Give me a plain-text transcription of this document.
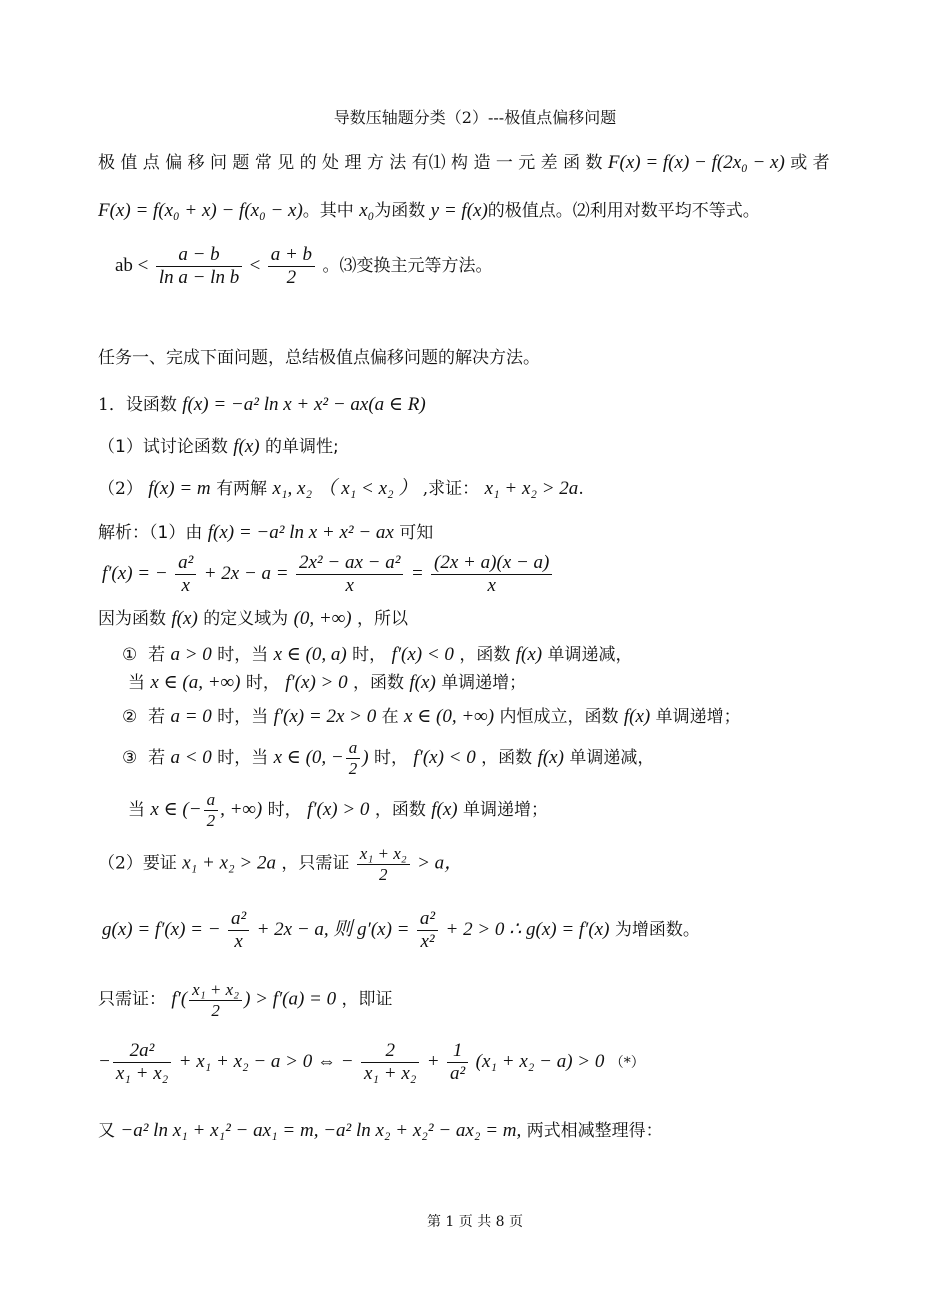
导数压轴题分类（2）---极值点偏移问题
极 值 点 偏 移 问 题 常 见 的 处 理 方 法 有⑴ 构 造 一 元 差 函 数 F(x) = f(x) − f(2x₀ − x) 或 者
F(x) = f(x₀ + x) − f(x₀ − x)。其中 x₀为函数 y = f(x)的极值点。⑵利用对数平均不等式。
ab < $\frac{a - b}{\text{ln a − ln b}} < \frac{a + b}{2}$ 。⑶变换主元等方法。
任务一、完成下面问题，总结极值点偏移问题的解决方法。
1．设函数 f(x) = −a² ln x + x² − ax(a ∈ R)
（1）试讨论函数 f(x) 的单调性;
（2） f(x) = m 有两解 x₁, x₂ （ x₁ < x₂ ） ,求证： x₁ + x₂ > 2a.
解析：（1）由 f(x) = −a² ln x + x² − ax 可知
f′(x) = − $\frac{\text{a²}}{x} + 2x - a = \frac{\text{2x² − ax − a²}}{x} = \frac{(2x + a)(x - a)}{x}$
因为函数 f(x) 的定义域为 (0, +∞) ，所以
① 若 a > 0 时，当 x ∈ (0, a) 时， f′(x) < 0 ，函数 f(x) 单调递减，
当 x ∈ (a, +∞) 时， f′(x) > 0 ，函数 f(x) 单调递增；
② 若 a = 0 时，当 f′(x) = 2x > 0 在 x ∈ (0, +∞) 内恒成立，函数 f(x) 单调递增；
③ 若 a < 0 时，当 x ∈ (0, − $\frac{a}{2}$ ) 时， f′(x) < 0 ，函数 f(x) 单调递减，
当 x ∈ (− $\frac{a}{2}$ , +∞) 时， f′(x) > 0 ，函数 f(x) 单调递增；
（2）要证 x₁ + x₂ > 2a ，只需证 $\frac{\text{x₁ + x₂}}{2} > a$，
g(x) = f′(x) = − $\frac{\text{a²}}{x} + 2x - a$, 则 $g'(x) = \frac{\text{a²}}{\text{x²}} + 2 > 0$ ∴ g(x) = f′(x) 为增函数。
只需证： $f'( \frac{\text{x₁ + x₂}}{2}$ ) > f′(a) = 0 ，即证
− $\frac{\text{2a²}}{\text{x₁ + x₂}} + x_1 + x_2 - a > 0$ ⇔ − $\frac{2}{\text{x₁ + x₂}} + \frac{1}{\text{a²}} (x_1 + x_2 - a) > 0$ （*）
又 −a² ln x₁ + x₁² − ax₁ = m, −a² ln x₂ + x₂² − ax₂ = m, 两式相减整理得：
第 1 页 共 8 页
